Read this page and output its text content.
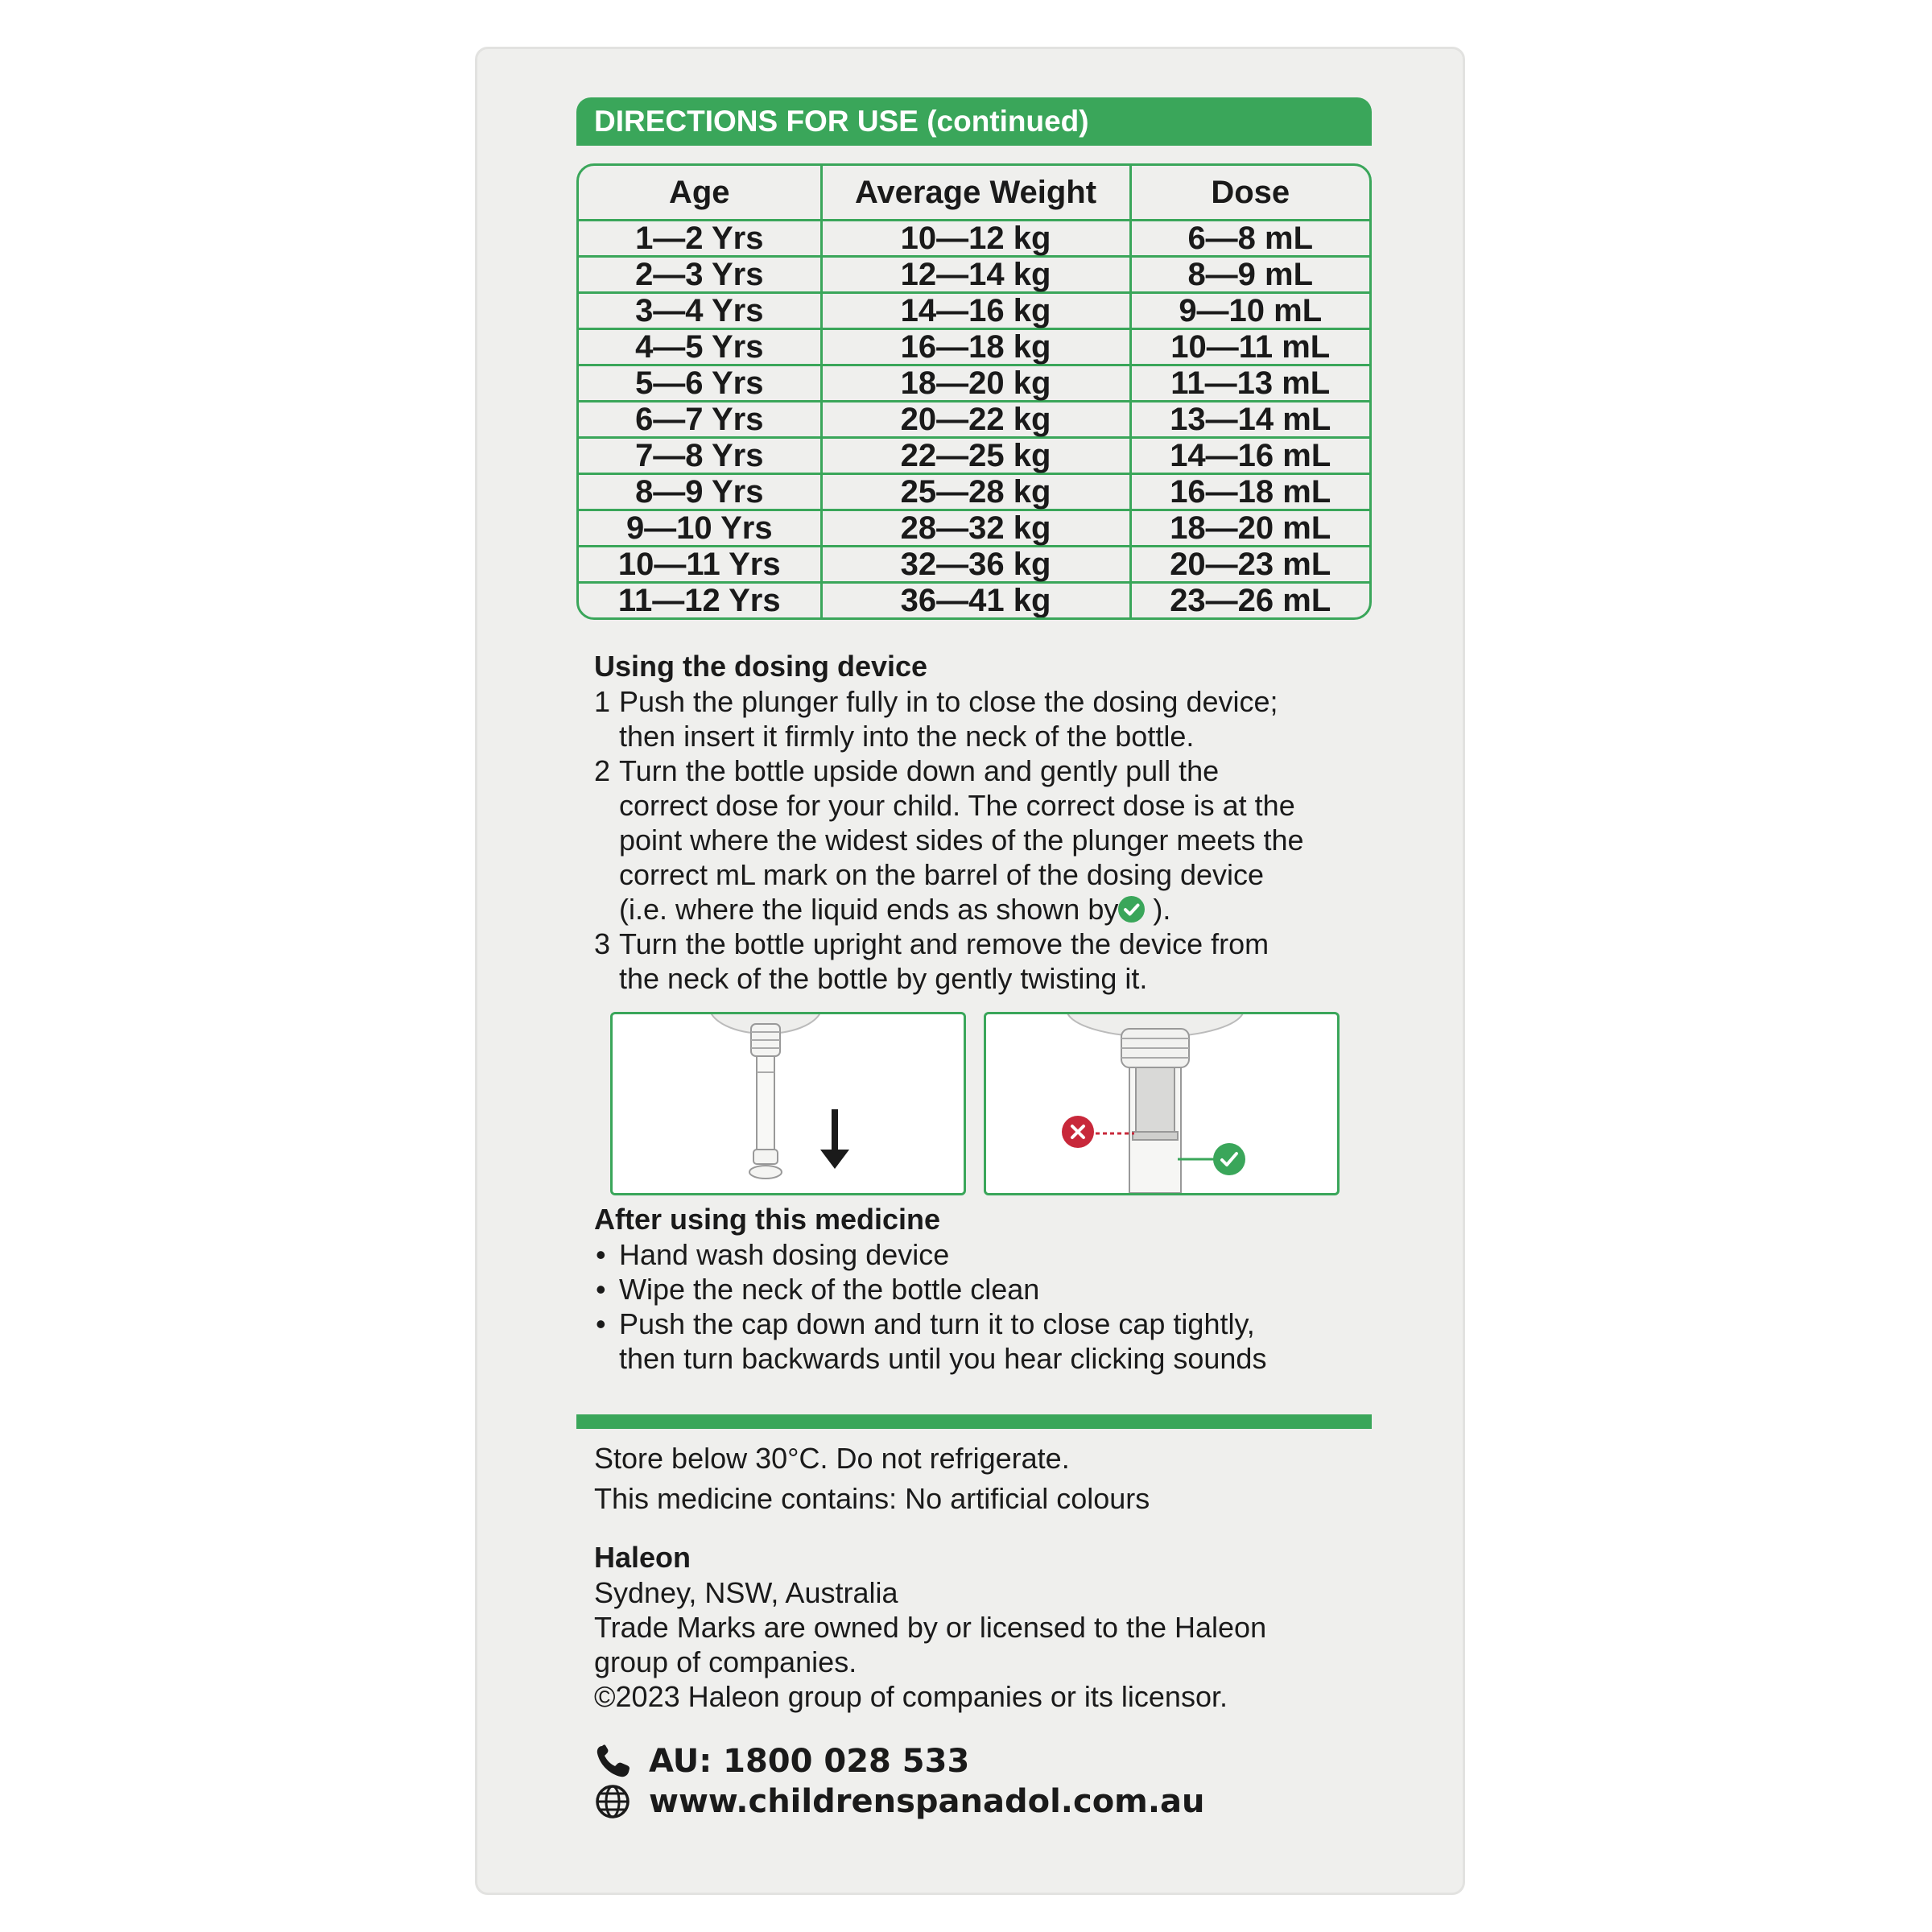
DIRECTIONS FOR USE (continued)
Age	Average Weight	Dose
1—2 Yrs	10—12 kg	6—8 mL
2—3 Yrs	12—14 kg	8—9 mL
3—4 Yrs	14—16 kg	9—10 mL
4—5 Yrs	16—18 kg	10—11 mL
5—6 Yrs	18—20 kg	11—13 mL
6—7 Yrs	20—22 kg	13—14 mL
7—8 Yrs	22—25 kg	14—16 mL
8—9 Yrs	25—28 kg	16—18 mL
9—10 Yrs	28—32 kg	18—20 mL
10—11 Yrs	32—36 kg	20—23 mL
11—12 Yrs	36—41 kg	23—26 mL
Using the dosing device
1 Push the plunger fully in to close the dosing device;
then insert it firmly into the neck of the bottle.
2 Turn the bottle upside down and gently pull the
correct dose for your child. The correct dose is at the
point where the widest sides of the plunger meets the
correct mL mark on the barrel of the dosing device
(i.e. where the liquid ends as shown by
).
3 Turn the bottle upright and remove the device from
the neck of the bottle by gently twisting it.
After using this medicine
• Hand wash dosing device
• Wipe the neck of the bottle clean
• Push the cap down and turn it to close cap tightly,
then turn backwards until you hear clicking sounds
Store below 30°C. Do not refrigerate.
This medicine contains: No artificial colours
Haleon
Sydney, NSW, Australia
Trade Marks are owned by or licensed to the Haleon
group of companies.
©2023 Haleon group of companies or its licensor.
AU: 1800 028 533
www.childrenspanadol.com.au
